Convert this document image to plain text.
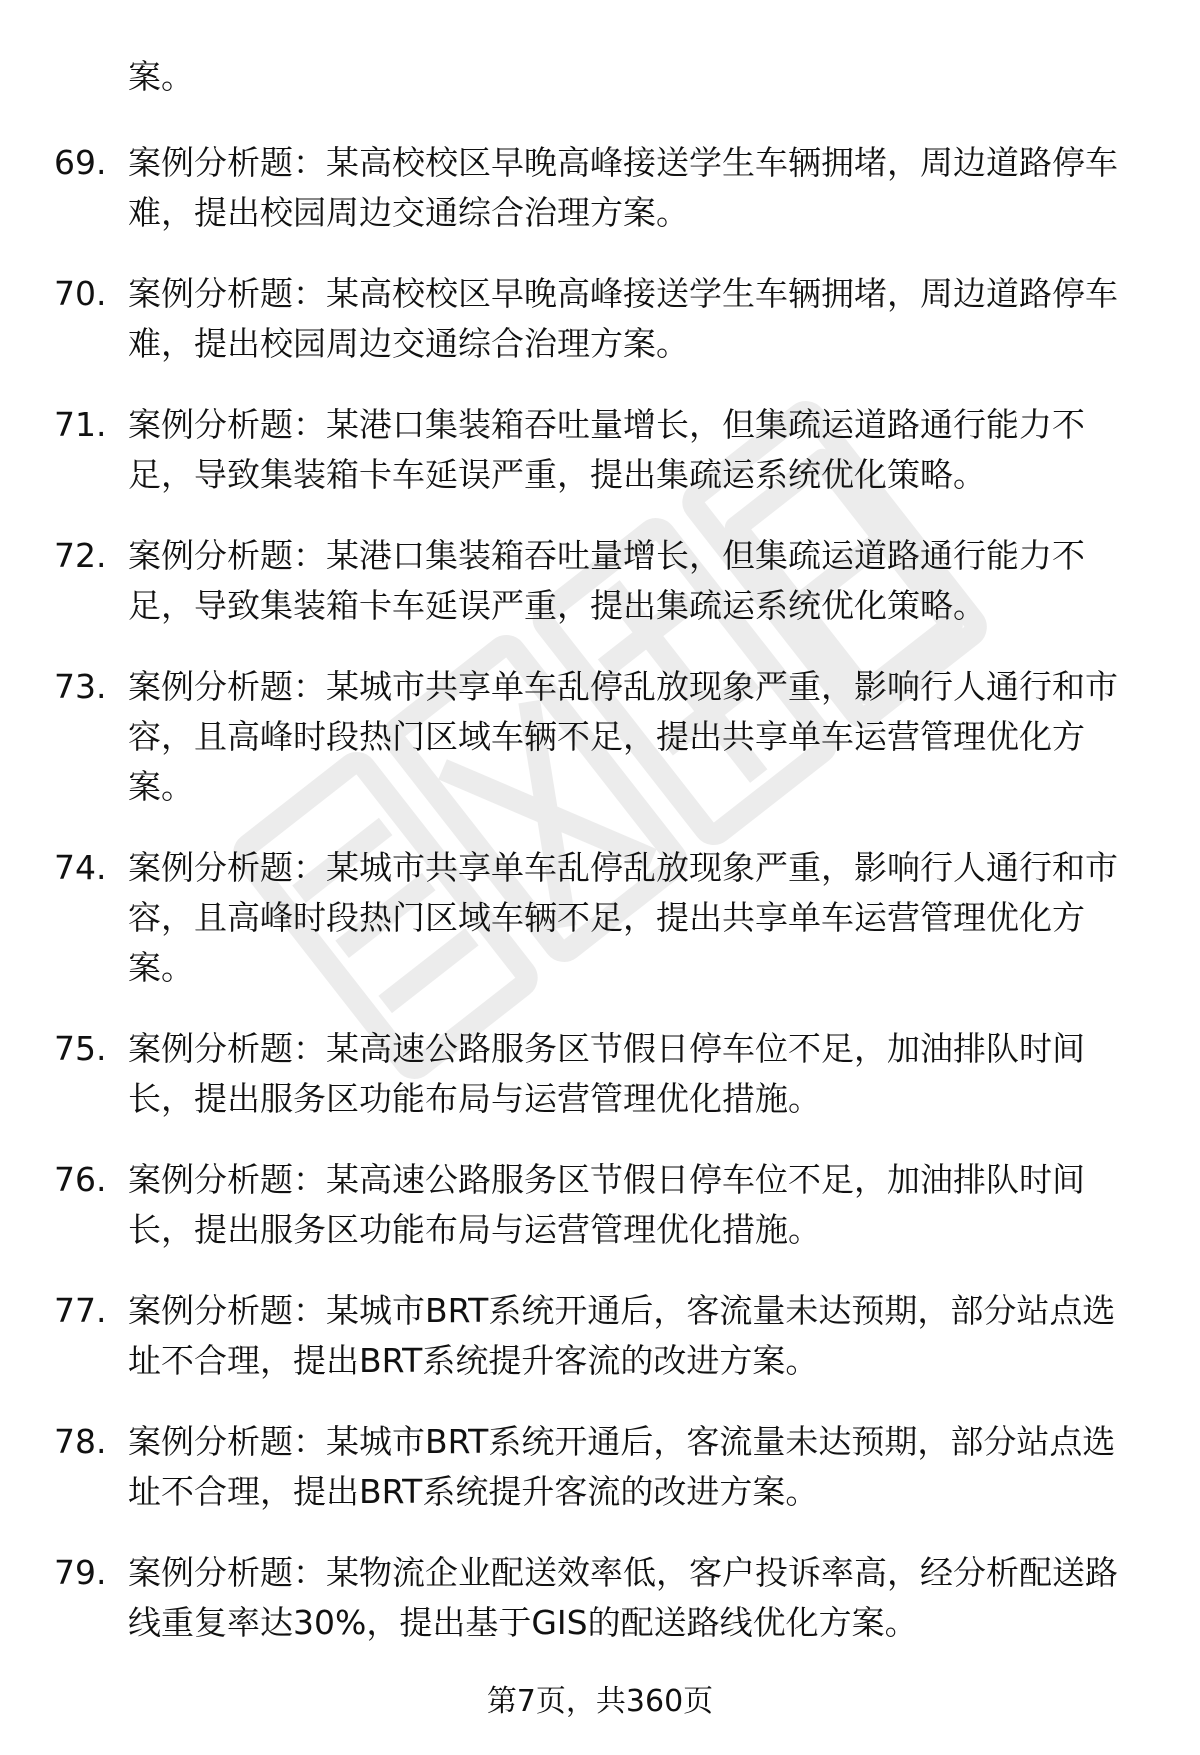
案。
69. 案例分析题：某高校校区早晚高峰接送学生车辆拥堵，周边道路停车难，提出校园周边交通综合治理方案。
70. 案例分析题：某高校校区早晚高峰接送学生车辆拥堵，周边道路停车难，提出校园周边交通综合治理方案。
71. 案例分析题：某港口集装箱吞吐量增长，但集疏运道路通行能力不足，导致集装箱卡车延误严重，提出集疏运系统优化策略。
72. 案例分析题：某港口集装箱吞吐量增长，但集疏运道路通行能力不足，导致集装箱卡车延误严重，提出集疏运系统优化策略。
73. 案例分析题：某城市共享单车乱停乱放现象严重，影响行人通行和市容，且高峰时段热门区域车辆不足，提出共享单车运营管理优化方案。
74. 案例分析题：某城市共享单车乱停乱放现象严重，影响行人通行和市容，且高峰时段热门区域车辆不足，提出共享单车运营管理优化方案。
75. 案例分析题：某高速公路服务区节假日停车位不足，加油排队时间长，提出服务区功能布局与运营管理优化措施。
76. 案例分析题：某高速公路服务区节假日停车位不足，加油排队时间长，提出服务区功能布局与运营管理优化措施。
77. 案例分析题：某城市BRT系统开通后，客流量未达预期，部分站点选址不合理，提出BRT系统提升客流的改进方案。
78. 案例分析题：某城市BRT系统开通后，客流量未达预期，部分站点选址不合理，提出BRT系统提升客流的改进方案。
79. 案例分析题：某物流企业配送效率低，客户投诉率高，经分析配送路线重复率达30%，提出基于GIS的配送路线优化方案。
第7页，共360页
